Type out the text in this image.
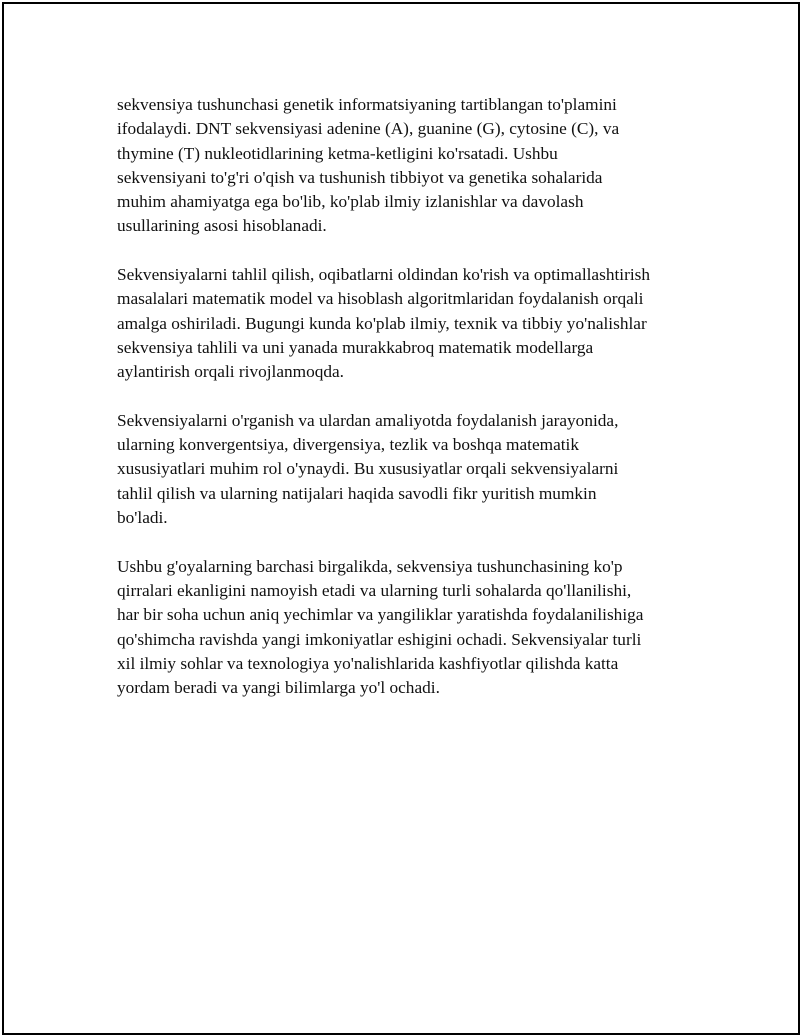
sekvensiya tushunchasi genetik informatsiyaning tartiblangan to'plamini
ifodalaydi. DNT sekvensiyasi adenine (A), guanine (G), cytosine (C), va
thymine (T) nukleotidlarining ketma-ketligini ko'rsatadi. Ushbu
sekvensiyani to'g'ri o'qish va tushunish tibbiyot va genetika sohalarida
muhim ahamiyatga ega bo'lib, ko'plab ilmiy izlanishlar va davolash
usullarining asosi hisoblanadi.

Sekvensiyalarni tahlil qilish, oqibatlarni oldindan ko'rish va optimallashtirish
masalalari matematik model va hisoblash algoritmlaridan foydalanish orqali
amalga oshiriladi. Bugungi kunda ko'plab ilmiy, texnik va tibbiy yo'nalishlar
sekvensiya tahlili va uni yanada murakkabroq matematik modellarga
aylantirish orqali rivojlanmoqda.

Sekvensiyalarni o'rganish va ulardan amaliyotda foydalanish jarayonida,
ularning konvergentsiya, divergensiya, tezlik va boshqa matematik
xususiyatlari muhim rol o'ynaydi. Bu xususiyatlar orqali sekvensiyalarni
tahlil qilish va ularning natijalari haqida savodli fikr yuritish mumkin
bo'ladi.

Ushbu g'oyalarning barchasi birgalikda, sekvensiya tushunchasining ko'p
qirralari ekanligini namoyish etadi va ularning turli sohalarda qo'llanilishi,
har bir soha uchun aniq yechimlar va yangiliklar yaratishda foydalanilishiga
qo'shimcha ravishda yangi imkoniyatlar eshigini ochadi. Sekvensiyalar turli
xil ilmiy sohlar va texnologiya yo'nalishlarida kashfiyotlar qilishda katta
yordam beradi va yangi bilimlarga yo'l ochadi.
